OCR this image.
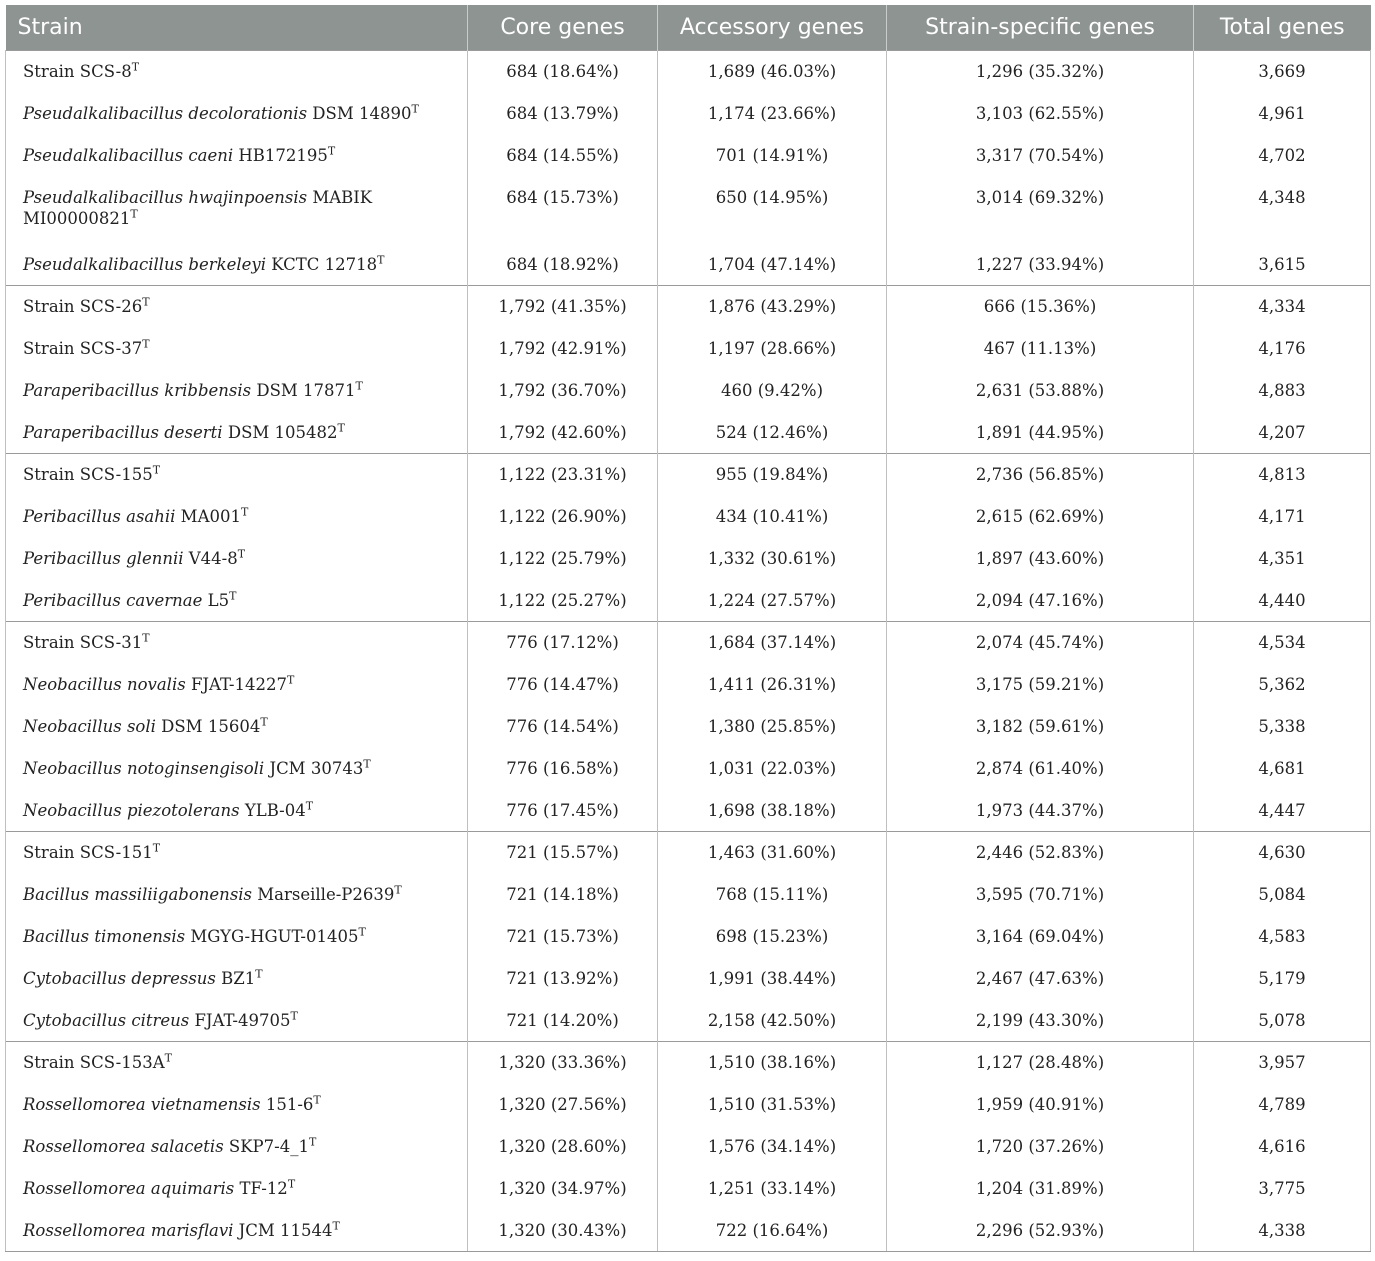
Strain	Core genes	Accessory genes	Strain-specific genes	Total genes
Strain SCS-$8^T$	684 (18.64%)	1,689 (46.03%)	1,296 (35.32%)	3,669
Pseudalkalibacillus decolorationis DSM $14890^T$	684 (13.79%)	1,174 (23.66%)	3,103 (62.55%)	4,961
Pseudalkalibacillus caeni $HB172195^T$	684 (14.55%)	701 (14.91%)	3,317 (70.54%)	4,702
Pseudalkalibacillus hwajinpoensis MABIK $MI00000821^T$	684 (15.73%)	650 (14.95%)	3,014 (69.32%)	4,348
Pseudalkalibacillus berkeleyi KCTC $12718^T$	684 (18.92%)	1,704 (47.14%)	1,227 (33.94%)	3,615
Strain SCS-$26^T$	1,792 (41.35%)	1,876 (43.29%)	666 (15.36%)	4,334
Strain SCS-$37^T$	1,792 (42.91%)	1,197 (28.66%)	467 (11.13%)	4,176
Paraperibacillus kribbensis DSM $17871^T$	1,792 (36.70%)	460 (9.42%)	2,631 (53.88%)	4,883
Paraperibacillus deserti DSM $105482^T$	1,792 (42.60%)	524 (12.46%)	1,891 (44.95%)	4,207
Strain SCS-$155^T$	1,122 (23.31%)	955 (19.84%)	2,736 (56.85%)	4,813
Peribacillus asahii $MA001^T$	1,122 (26.90%)	434 (10.41%)	2,615 (62.69%)	4,171
Peribacillus glennii $V44-8^T$	1,122 (25.79%)	1,332 (30.61%)	1,897 (43.60%)	4,351
Peribacillus cavernae $L5^T$	1,122 (25.27%)	1,224 (27.57%)	2,094 (47.16%)	4,440
Strain SCS-$31^T$	776 (17.12%)	1,684 (37.14%)	2,074 (45.74%)	4,534
Neobacillus novalis FJAT-$14227^T$	776 (14.47%)	1,411 (26.31%)	3,175 (59.21%)	5,362
Neobacillus soli DSM $15604^T$	776 (14.54%)	1,380 (25.85%)	3,182 (59.61%)	5,338
Neobacillus notoginsengisoli JCM $30743^T$	776 (16.58%)	1,031 (22.03%)	2,874 (61.40%)	4,681
Neobacillus piezotolerans YLB-$04^T$	776 (17.45%)	1,698 (38.18%)	1,973 (44.37%)	4,447
Strain SCS-$151^T$	721 (15.57%)	1,463 (31.60%)	2,446 (52.83%)	4,630
Bacillus massiliigabonensis Marseille-$P2639^T$	721 (14.18%)	768 (15.11%)	3,595 (70.71%)	5,084
Bacillus timonensis MGYG-$HGUT-01405^T$	721 (15.73%)	698 (15.23%)	3,164 (69.04%)	4,583
Cytobacillus depressus $BZ1^T$	721 (13.92%)	1,991 (38.44%)	2,467 (47.63%)	5,179
Cytobacillus citreus FJAT-$49705^T$	721 (14.20%)	2,158 (42.50%)	2,199 (43.30%)	5,078
Strain SCS-$153A^T$	1,320 (33.36%)	1,510 (38.16%)	1,127 (28.48%)	3,957
Rossellomorea vietnamensis $151-6^T$	1,320 (27.56%)	1,510 (31.53%)	1,959 (40.91%)	4,789
Rossellomorea salacetis $SKP7-4\_1^T$	1,320 (28.60%)	1,576 (34.14%)	1,720 (37.26%)	4,616
Rossellomorea aquimaris $TF-12^T$	1,320 (34.97%)	1,251 (33.14%)	1,204 (31.89%)	3,775
Rossellomorea marisflavi JCM $11544^T$	1,320 (30.43%)	722 (16.64%)	2,296 (52.93%)	4,338
